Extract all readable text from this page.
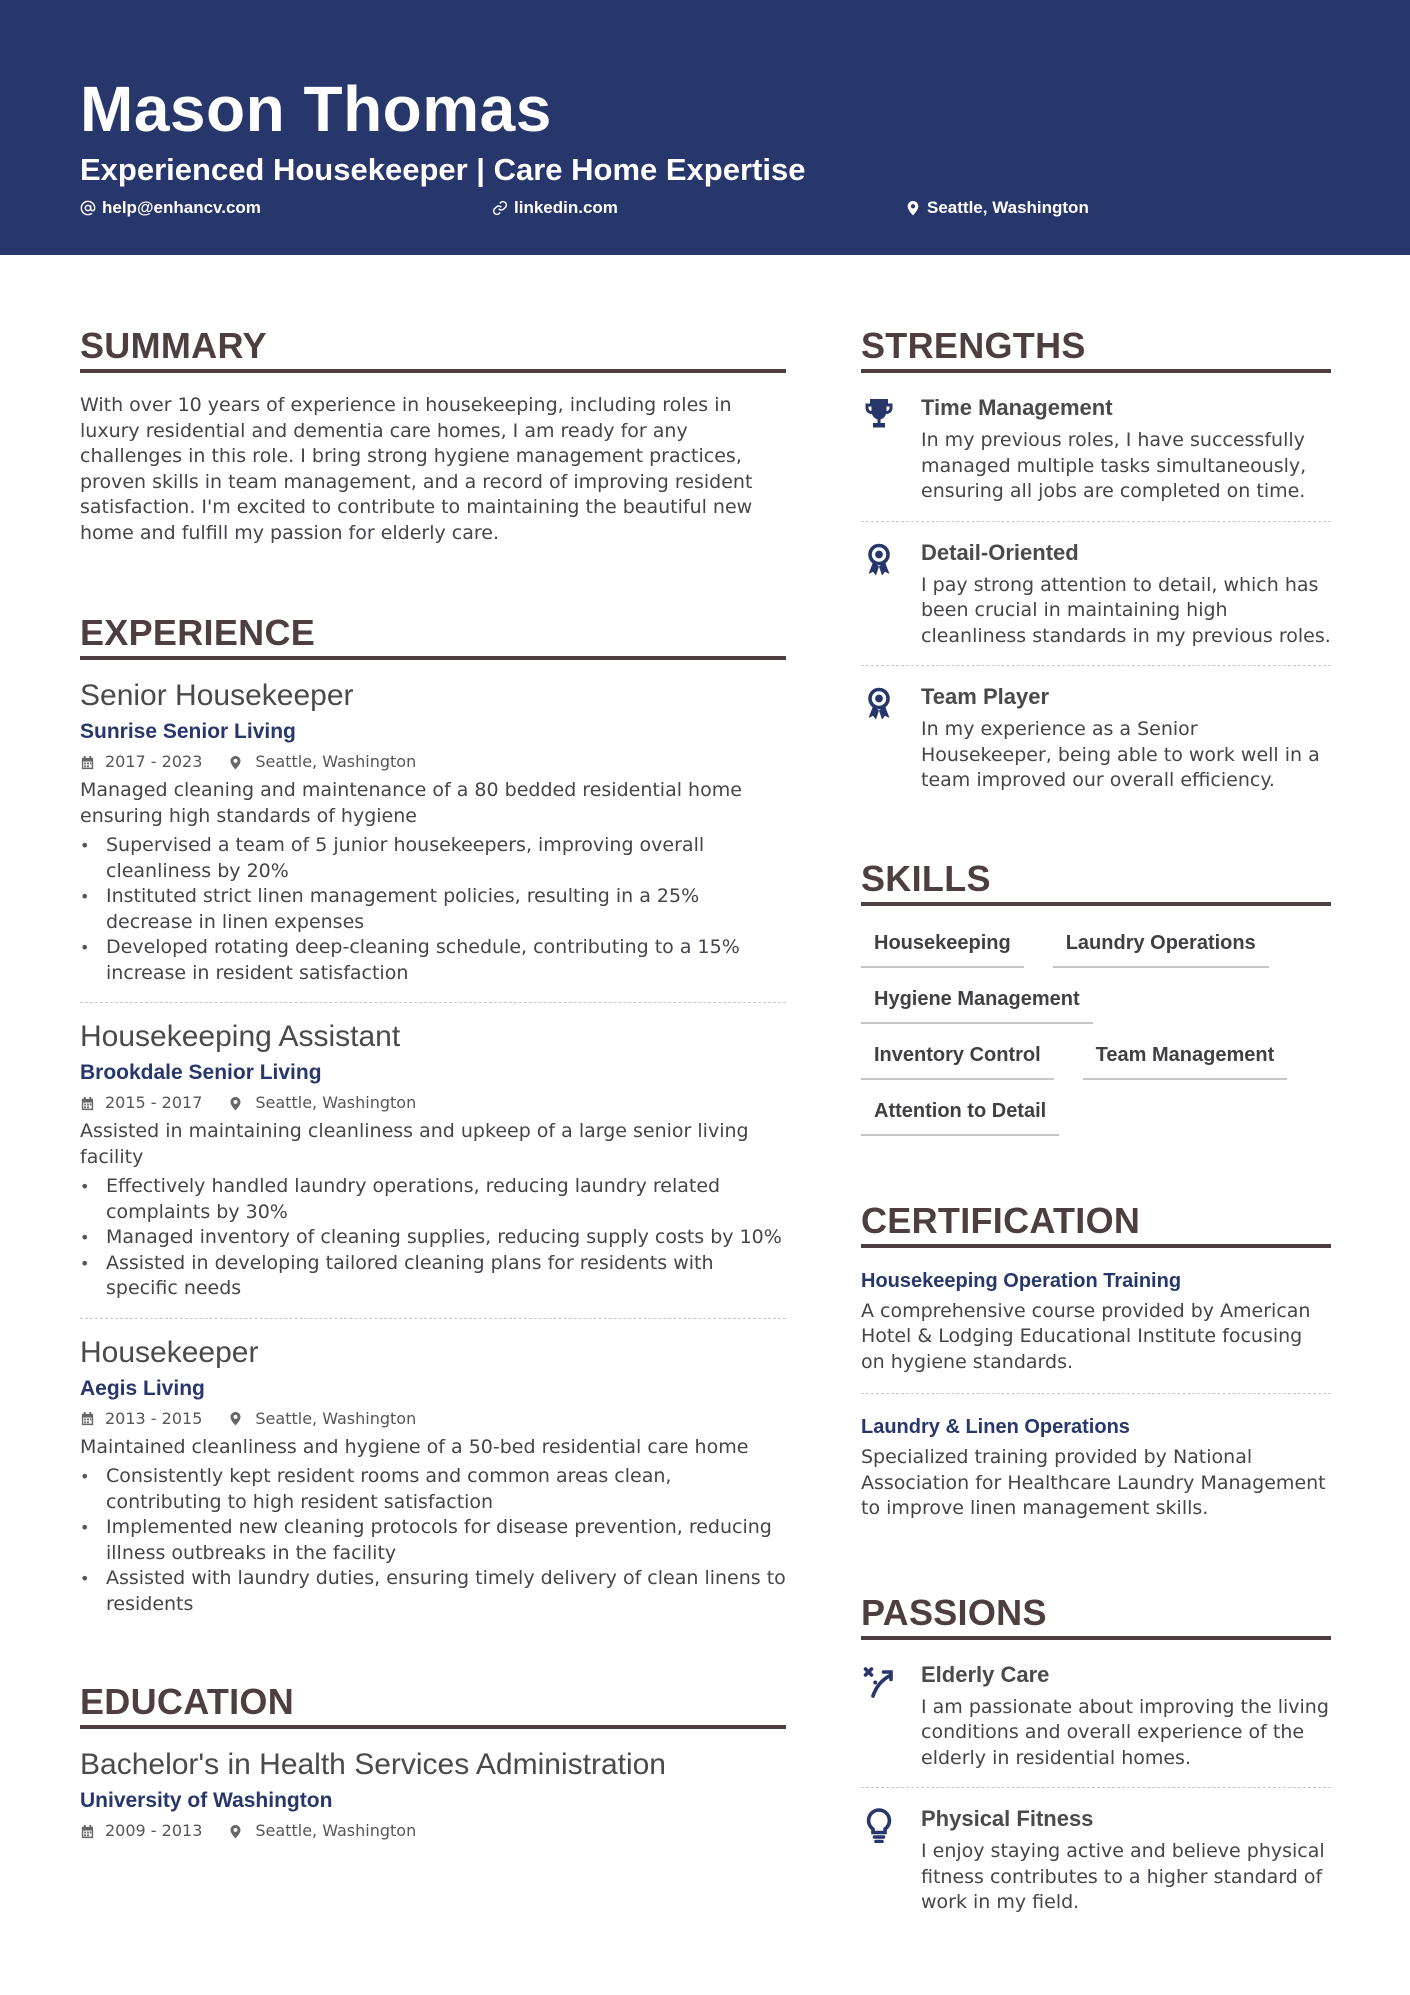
Mason Thomas
Experienced Housekeeper | Care Home Expertise
help@enhancv.com	linkedin.com	Seattle, Washington
SUMMARY
With over 10 years of experience in housekeeping, including roles in luxury residential and dementia care homes, I am ready for any challenges in this role. I bring strong hygiene management practices, proven skills in team management, and a record of improving resident satisfaction. I'm excited to contribute to maintaining the beautiful new home and fulfill my passion for elderly care.
EXPERIENCE
Senior Housekeeper
Sunrise Senior Living
2017 - 2023	Seattle, Washington
Managed cleaning and maintenance of a 80 bedded residential home ensuring high standards of hygiene
• Supervised a team of 5 junior housekeepers, improving overall cleanliness by 20%
• Instituted strict linen management policies, resulting in a 25% decrease in linen expenses
• Developed rotating deep-cleaning schedule, contributing to a 15% increase in resident satisfaction
Housekeeping Assistant
Brookdale Senior Living
2015 - 2017	Seattle, Washington
Assisted in maintaining cleanliness and upkeep of a large senior living facility
• Effectively handled laundry operations, reducing laundry related complaints by 30%
• Managed inventory of cleaning supplies, reducing supply costs by 10%
• Assisted in developing tailored cleaning plans for residents with specific needs
Housekeeper
Aegis Living
2013 - 2015	Seattle, Washington
Maintained cleanliness and hygiene of a 50-bed residential care home
• Consistently kept resident rooms and common areas clean, contributing to high resident satisfaction
• Implemented new cleaning protocols for disease prevention, reducing illness outbreaks in the facility
• Assisted with laundry duties, ensuring timely delivery of clean linens to residents
EDUCATION
Bachelor's in Health Services Administration
University of Washington
2009 - 2013	Seattle, Washington
STRENGTHS
Time Management
In my previous roles, I have successfully managed multiple tasks simultaneously, ensuring all jobs are completed on time.
Detail-Oriented
I pay strong attention to detail, which has been crucial in maintaining high cleanliness standards in my previous roles.
Team Player
In my experience as a Senior Housekeeper, being able to work well in a team improved our overall efficiency.
SKILLS
Housekeeping	Laundry Operations
Hygiene Management
Inventory Control	Team Management
Attention to Detail
CERTIFICATION
Housekeeping Operation Training
A comprehensive course provided by American Hotel & Lodging Educational Institute focusing on hygiene standards.
Laundry & Linen Operations
Specialized training provided by National Association for Healthcare Laundry Management to improve linen management skills.
PASSIONS
Elderly Care
I am passionate about improving the living conditions and overall experience of the elderly in residential homes.
Physical Fitness
I enjoy staying active and believe physical fitness contributes to a higher standard of work in my field.
